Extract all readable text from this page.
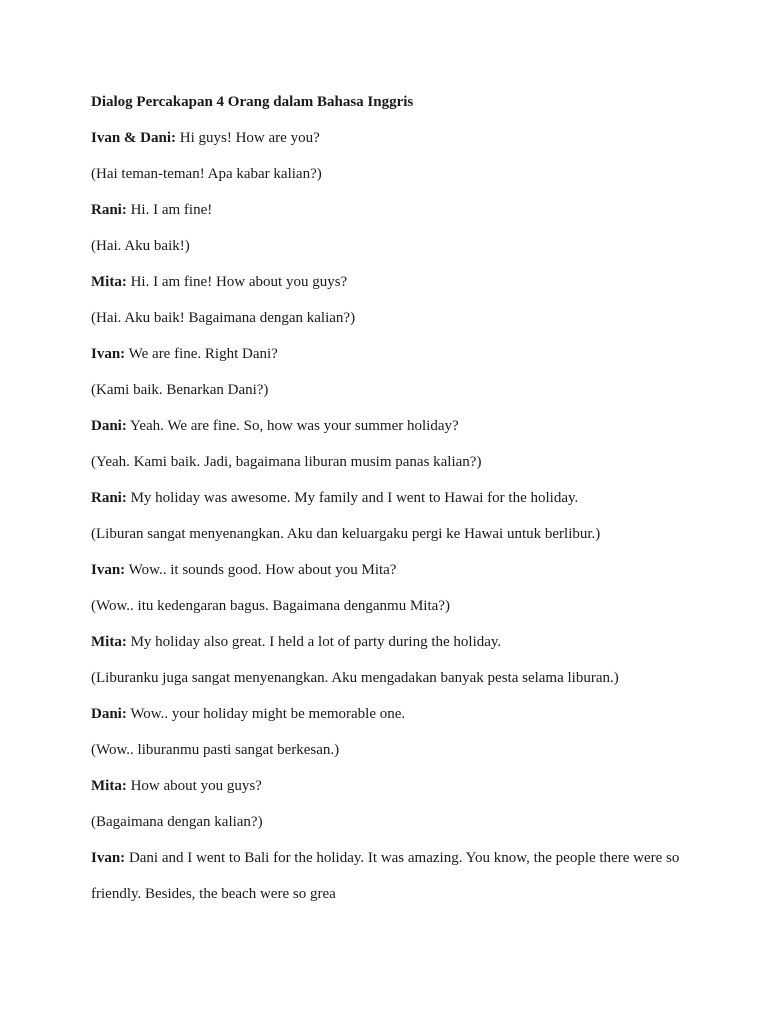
Dialog Percakapan 4 Orang dalam Bahasa Inggris
Ivan & Dani: Hi guys! How are you?
(Hai teman-teman! Apa kabar kalian?)
Rani: Hi. I am fine!
(Hai. Aku baik!)
Mita: Hi. I am fine! How about you guys?
(Hai. Aku baik! Bagaimana dengan kalian?)
Ivan: We are fine. Right Dani?
(Kami baik. Benarkan Dani?)
Dani: Yeah. We are fine. So, how was your summer holiday?
(Yeah. Kami baik. Jadi, bagaimana liburan musim panas kalian?)
Rani: My holiday was awesome. My family and I went to Hawai for the holiday.
(Liburan sangat menyenangkan. Aku dan keluargaku pergi ke Hawai untuk berlibur.)
Ivan: Wow.. it sounds good. How about you Mita?
(Wow.. itu kedengaran bagus. Bagaimana denganmu Mita?)
Mita: My holiday also great. I held a lot of party during the holiday.
(Liburanku juga sangat menyenangkan. Aku mengadakan banyak pesta selama liburan.)
Dani: Wow.. your holiday might be memorable one.
(Wow.. liburanmu pasti sangat berkesan.)
Mita: How about you guys?
(Bagaimana dengan kalian?)
Ivan: Dani and I went to Bali for the holiday. It was amazing. You know, the people there were so friendly. Besides, the beach were so grea
